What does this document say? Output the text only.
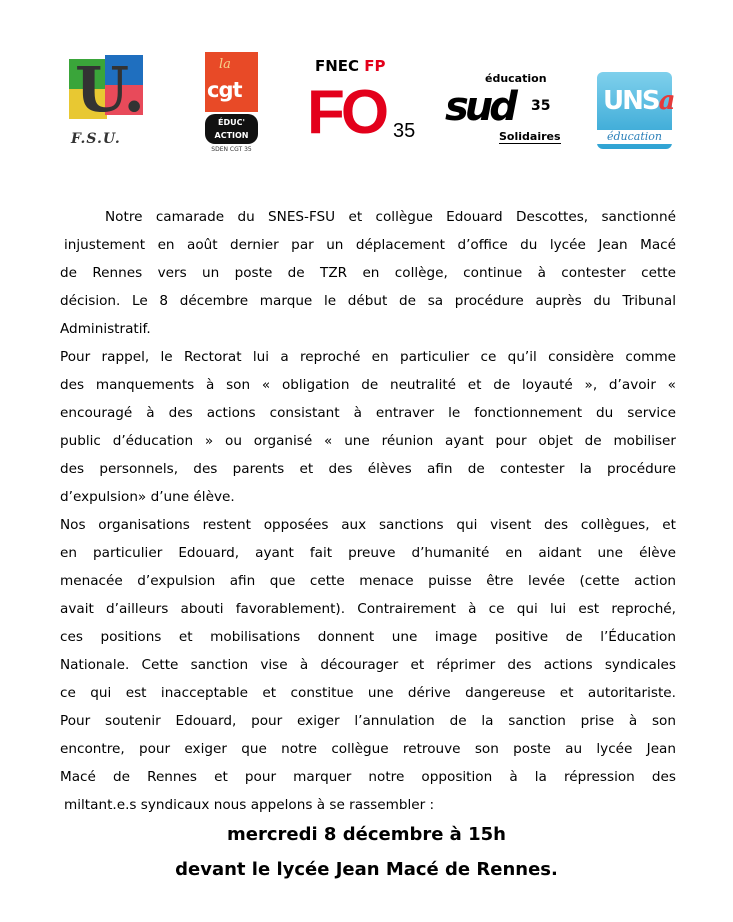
U.
F.S.U.
la
cgt
ÉDUC'
ACTION
SDEN CGT 35
FNEC FP
FO 35
éducation
sud 35
Solidaires
UNSa
éducation
Notre camarade du SNES-FSU et collègue Edouard Descottes, sanctionné
injustement en août dernier par un déplacement d’office du lycée Jean Macé
de Rennes vers un poste de TZR en collège, continue à contester cette
décision. Le 8 décembre marque le début de sa procédure auprès du Tribunal
Administratif.
Pour rappel, le Rectorat lui a reproché en particulier ce qu’il considère comme
des manquements à son « obligation de neutralité et de loyauté », d’avoir «
encouragé à des actions consistant à entraver le fonctionnement du service
public d’éducation » ou organisé « une réunion ayant pour objet de mobiliser
des personnels, des parents et des élèves afin de contester la procédure
d’expulsion» d’une élève.
Nos organisations restent opposées aux sanctions qui visent des collègues, et
en particulier Edouard, ayant fait preuve d’humanité en aidant une élève
menacée d’expulsion afin que cette menace puisse être levée (cette action
avait d’ailleurs abouti favorablement). Contrairement à ce qui lui est reproché,
ces positions et mobilisations donnent une image positive de l’Éducation
Nationale. Cette sanction vise à décourager et réprimer des actions syndicales
ce qui est inacceptable et constitue une dérive dangereuse et autoritariste.
Pour soutenir Edouard, pour exiger l’annulation de la sanction prise à son
encontre, pour exiger que notre collègue retrouve son poste au lycée Jean
Macé de Rennes et pour marquer notre opposition à la répression des
miltant.e.s syndicaux nous appelons à se rassembler :
mercredi 8 décembre à 15h
devant le lycée Jean Macé de Rennes.
